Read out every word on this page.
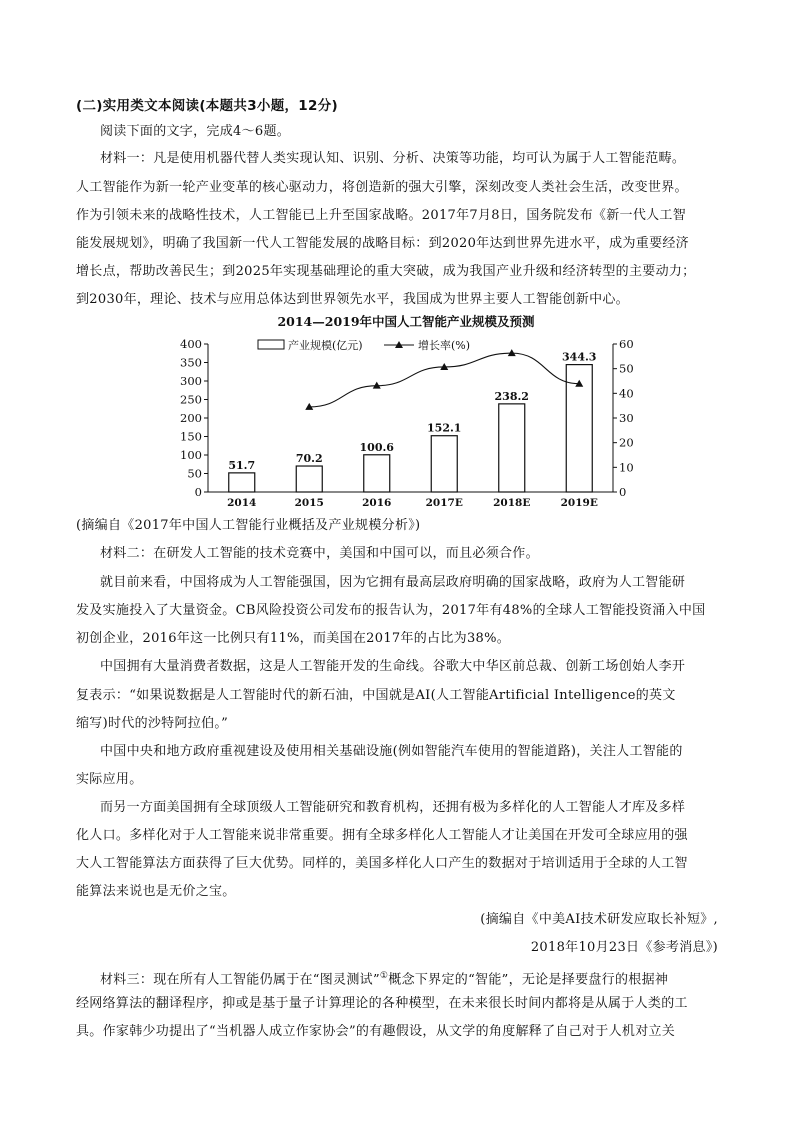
(二)实用类文本阅读(本题共3小题，12分)
阅读下面的文字，完成4～6题。
材料一：凡是使用机器代替人类实现认知、识别、分析、决策等功能，均可认为属于人工智能范畴。
人工智能作为新一轮产业变革的核心驱动力，将创造新的强大引擎，深刻改变人类社会生活，改变世界。
作为引领未来的战略性技术，人工智能已上升至国家战略。2017年7月8日，国务院发布《新一代人工智
能发展规划》，明确了我国新一代人工智能发展的战略目标：到2020年达到世界先进水平，成为重要经济
增长点，帮助改善民生；到2025年实现基础理论的重大突破，成为我国产业升级和经济转型的主要动力；
到2030年，理论、技术与应用总体达到世界领先水平，我国成为世界主要人工智能创新中心。
2014—2019年中国人工智能产业规模及预测
产业规模(亿元)	增长率(%)
0
50
100
150
200
250
300
350
400
0
10
20
30
40
50
60
2014	2015	2016	2017E	2018E	2019E
51.7
70.2
100.6
152.1
238.2
344.3
(摘编自《2017年中国人工智能行业概括及产业规模分析》)
材料二：在研发人工智能的技术竞赛中，美国和中国可以，而且必须合作。
就目前来看，中国将成为人工智能强国，因为它拥有最高层政府明确的国家战略，政府为人工智能研
发及实施投入了大量资金。CB风险投资公司发布的报告认为，2017年有48%的全球人工智能投资涌入中国
初创企业，2016年这一比例只有11%，而美国在2017年的占比为38%。
中国拥有大量消费者数据，这是人工智能开发的生命线。谷歌大中华区前总裁、创新工场创始人李开
复表示：“如果说数据是人工智能时代的新石油，中国就是AI(人工智能Artificial Intelligence的英文
缩写)时代的沙特阿拉伯。”
中国中央和地方政府重视建设及使用相关基础设施(例如智能汽车使用的智能道路)，关注人工智能的
实际应用。
而另一方面美国拥有全球顶级人工智能研究和教育机构，还拥有极为多样化的人工智能人才库及多样
化人口。多样化对于人工智能来说非常重要。拥有全球多样化人工智能人才让美国在开发可全球应用的强
大人工智能算法方面获得了巨大优势。同样的，美国多样化人口产生的数据对于培训适用于全球的人工智
能算法来说也是无价之宝。
(摘编自《中美AI技术研发应取长补短》,
2018年10月23日《参考消息》)
材料三：现在所有人工智能仍属于在“图灵测试”①概念下界定的“智能”，无论是择要盘行的根据神
经网络算法的翻译程序，抑或是基于量子计算理论的各种模型，在未来很长时间内都将是从属于人类的工
具。作家韩少功提出了“当机器人成立作家协会”的有趣假设，从文学的角度解释了自己对于人机对立关
